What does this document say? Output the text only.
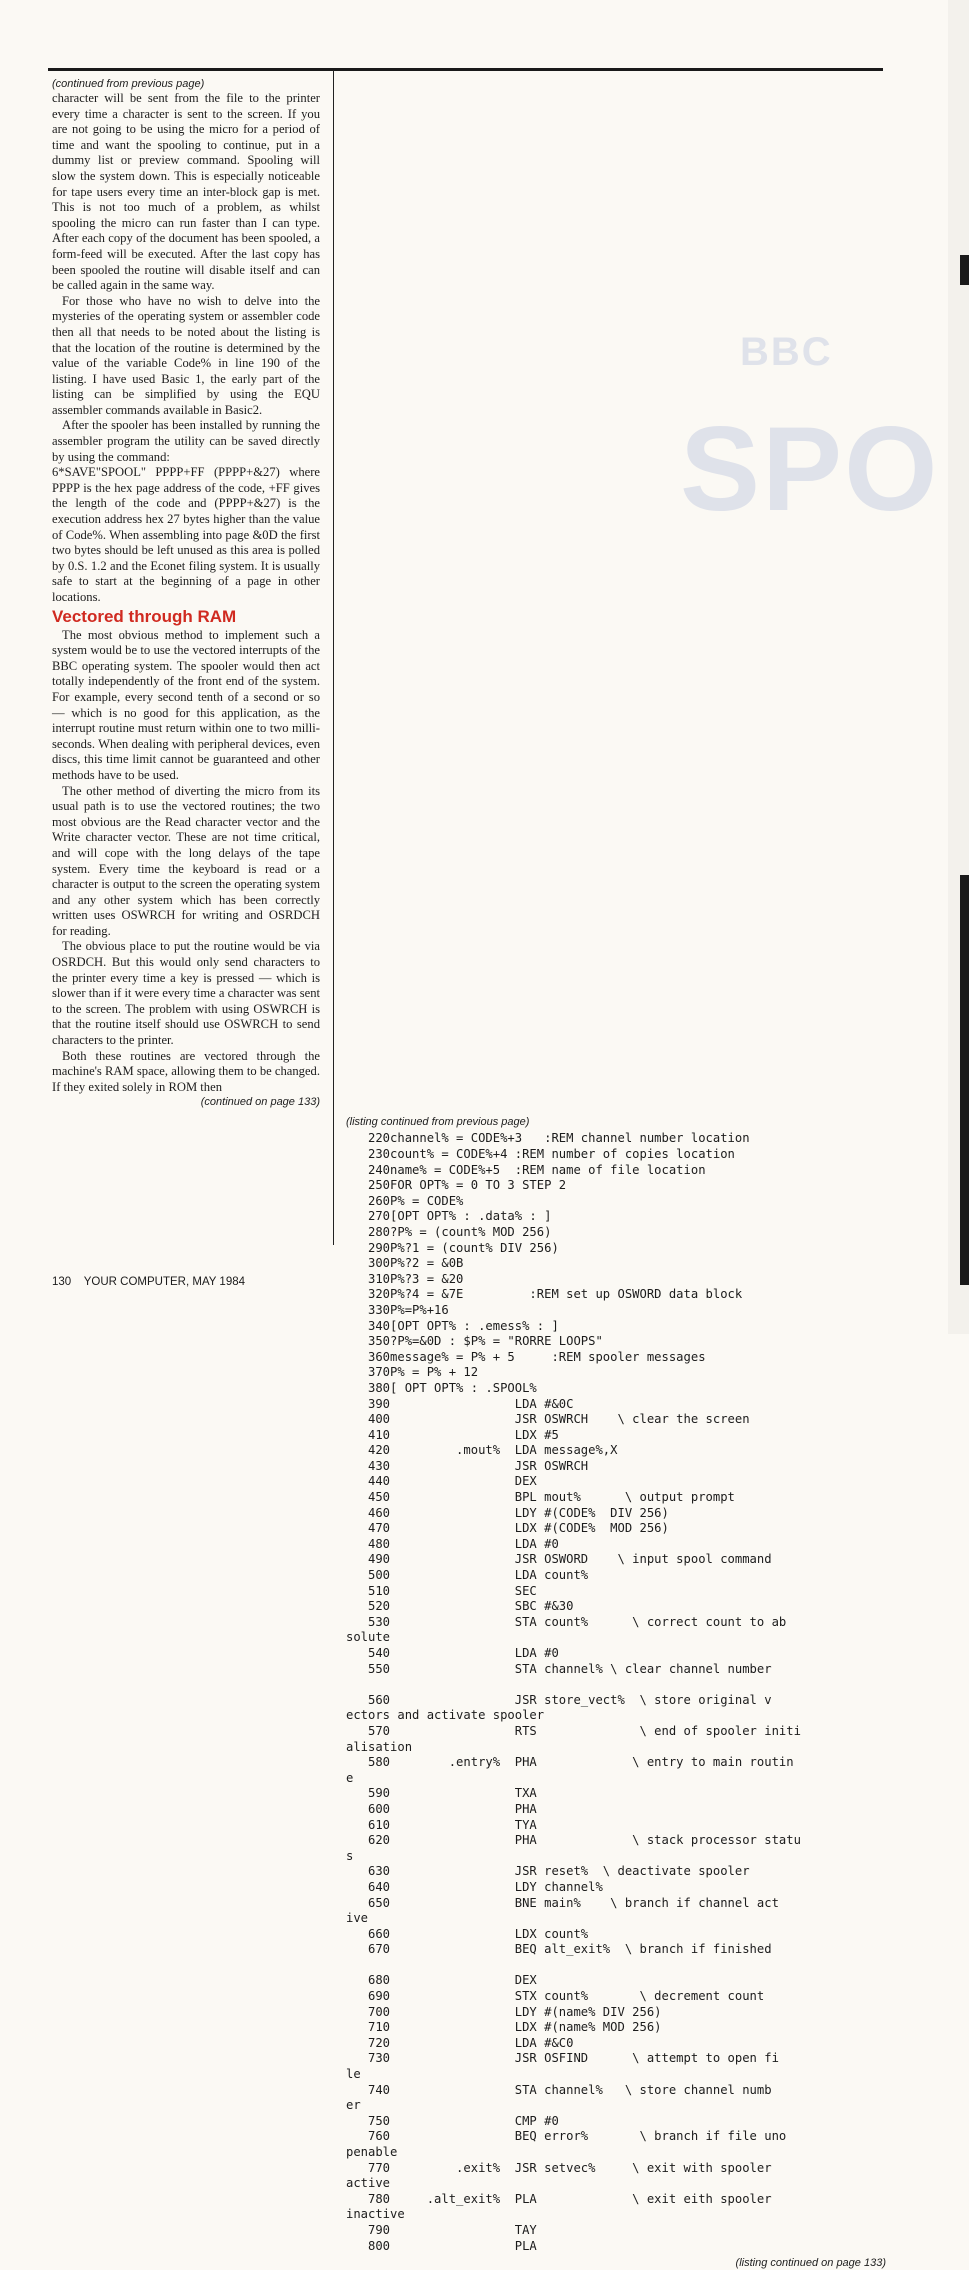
BBC
SPO
(continued from previous page)

character will be sent from the file to the printer every time a character is sent to the screen. If you are not going to be using the micro for a period of time and want the spooling to continue, put in a dummy list or preview command. Spooling will slow the system down. This is especially noticeable for tape users every time an inter-block gap is met. This is not too much of a problem, as whilst spooling the micro can run faster than I can type. After each copy of the document has been spooled, a form-feed will be executed. After the last copy has been spooled the routine will disable itself and can be called again in the same way.

For those who have no wish to delve into the mysteries of the operating system or assembler code then all that needs to be noted about the listing is that the location of the routine is determined by the value of the variable Code% in line 190 of the listing. I have used Basic 1, the early part of the listing can be simplified by using the EQU assembler commands available in Basic2.

After the spooler has been installed by running the assembler program the utility can be saved directly by using the command:

6*SAVE"SPOOL" PPPP+FF (PPPP+&27) where PPPP is the hex page address of the code, +FF gives the length of the code and (PPPP+&27) is the execution address hex 27 bytes higher than the value of Code%. When assembling into page &0D the first two bytes should be left unused as this area is polled by 0.S. 1.2 and the Econet filing system. It is usually safe to start at the beginning of a page in other locations.

Vectored through RAM

The most obvious method to implement such a system would be to use the vectored interrupts of the BBC operating system. The spooler would then act totally independently of the front end of the system. For example, every second tenth of a second or so — which is no good for this application, as the interrupt routine must return within one to two milli-seconds. When dealing with peripheral devices, even discs, this time limit cannot be guaranteed and other methods have to be used.

The other method of diverting the micro from its usual path is to use the vectored routines; the two most obvious are the Read character vector and the Write character vector. These are not time critical, and will cope with the long delays of the tape system. Every time the keyboard is read or a character is output to the screen the operating system and any other system which has been correctly written uses OSWRCH for writing and OSRDCH for reading.

The obvious place to put the routine would be via OSRDCH. But this would only send characters to the printer every time a key is pressed — which is slower than if it were every time a character was sent to the screen. The problem with using OSWRCH is that the routine itself should use OSWRCH to send characters to the printer.

Both these routines are vectored through the machine's RAM space, allowing them to be changed. If they exited solely in ROM then

(continued on page 133)
(listing continued from previous page)
220channel% = CODE%+3   :REM channel number location
230count% = CODE%+4 :REM number of copies location
240name% = CODE%+5  :REM name of file location
250FOR OPT% = 0 TO 3 STEP 2
260P% = CODE%
270[OPT OPT% : .data% : ]
280?P% = (count% MOD 256)
290P%?1 = (count% DIV 256)
300P%?2 = &0B
310P%?3 = &20
320P%?4 = &7E         :REM set up OSWORD data block
330P%=P%+16
340[OPT OPT% : .emess% : ]
350?P%=&0D : $P% = "RORRE LOOPS"
360message% = P% + 5     :REM spooler messages
370P% = P% + 12
380[ OPT OPT% : .SPOOL%
390                 LDA #&0C
400                 JSR OSWRCH    \ clear the screen
410                 LDX #5
420         .mout%  LDA message%,X
430                 JSR OSWRCH
440                 DEX
450                 BPL mout%      \ output prompt
460                 LDY #(CODE%  DIV 256)
470                 LDX #(CODE%  MOD 256)
480                 LDA #0
490                 JSR OSWORD    \ input spool command
500                 LDA count%
510                 SEC
520                 SBC #&30
530                 STA count%      \ correct count to ab
solute
540                 LDA #0
550                 STA channel% \ clear channel number

560                 JSR store_vect%  \ store original v
ectors and activate spooler
570                 RTS              \ end of spooler initi
alisation
580        .entry%  PHA             \ entry to main routin
e
590                 TXA
600                 PHA
610                 TYA
620                 PHA             \ stack processor statu
s
630                 JSR reset%  \ deactivate spooler
640                 LDY channel%
650                 BNE main%    \ branch if channel act
ive
660                 LDX count%
670                 BEQ alt_exit%  \ branch if finished

680                 DEX
690                 STX count%       \ decrement count
700                 LDY #(name% DIV 256)
710                 LDX #(name% MOD 256)
720                 LDA #&C0
730                 JSR OSFIND      \ attempt to open fi
le
740                 STA channel%   \ store channel numb
er
750                 CMP #0
760                 BEQ error%       \ branch if file uno
penable
770         .exit%  JSR setvec%     \ exit with spooler
active
780     .alt_exit%  PLA             \ exit eith spooler
inactive
790                 TAY
800                 PLA
(listing continued on page 133)
130 YOUR COMPUTER, MAY 1984
